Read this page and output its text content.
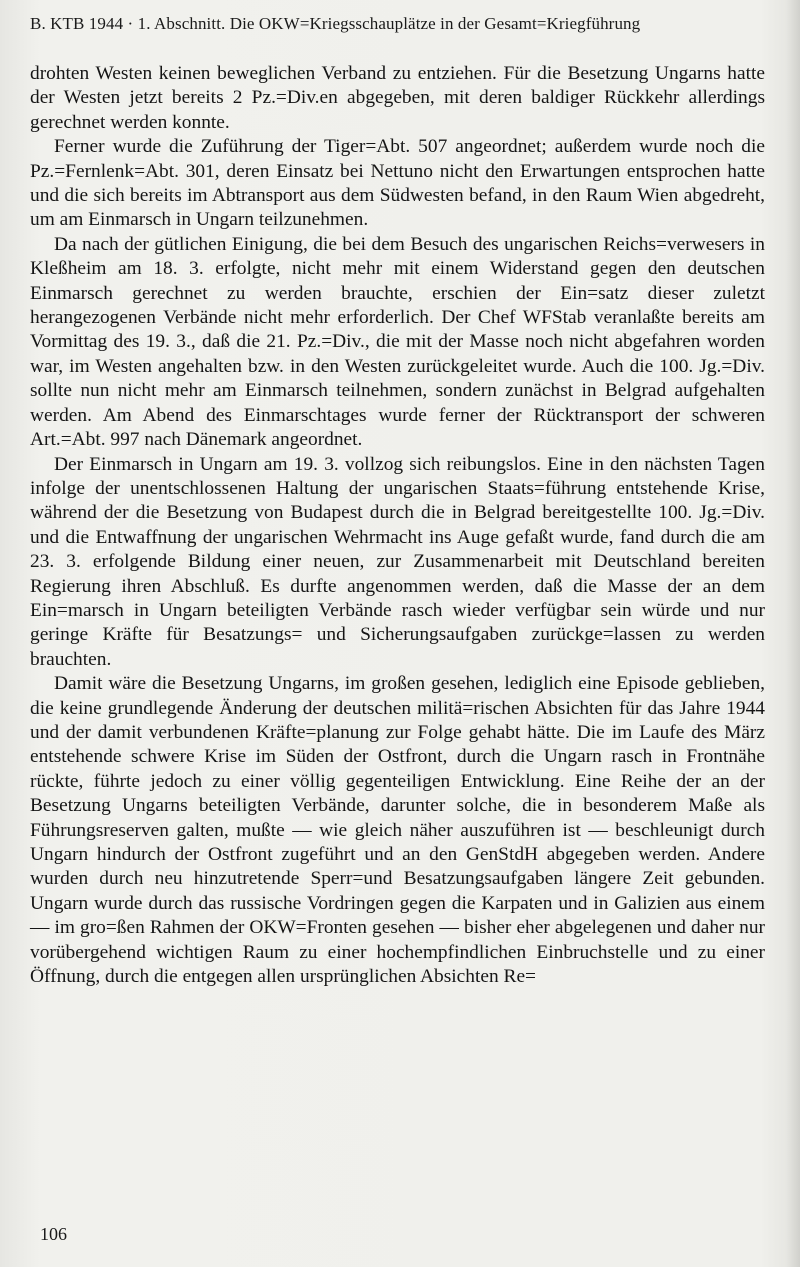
B. KTB 1944 · 1. Abschnitt. Die OKW=Kriegsschauplätze in der Gesamt=Kriegführung

drohten Westen keinen beweglichen Verband zu entziehen. Für die Besetzung Ungarns hatte der Westen jetzt bereits 2 Pz.=Div.en abgegeben, mit deren baldiger Rückkehr allerdings gerechnet werden konnte.

Ferner wurde die Zuführung der Tiger=Abt. 507 angeordnet; außerdem wurde noch die Pz.=Fernlenk=Abt. 301, deren Einsatz bei Nettuno nicht den Erwartungen entsprochen hatte und die sich bereits im Abtransport aus dem Südwesten befand, in den Raum Wien abgedreht, um am Einmarsch in Ungarn teilzunehmen.

Da nach der gütlichen Einigung, die bei dem Besuch des ungarischen Reichs=verwesers in Kleßheim am 18. 3. erfolgte, nicht mehr mit einem Widerstand gegen den deutschen Einmarsch gerechnet zu werden brauchte, erschien der Ein=satz dieser zuletzt herangezogenen Verbände nicht mehr erforderlich. Der Chef WFStab veranlaßte bereits am Vormittag des 19. 3., daß die 21. Pz.=Div., die mit der Masse noch nicht abgefahren worden war, im Westen angehalten bzw. in den Westen zurückgeleitet wurde. Auch die 100. Jg.=Div. sollte nun nicht mehr am Einmarsch teilnehmen, sondern zunächst in Belgrad aufgehalten werden. Am Abend des Einmarschtages wurde ferner der Rücktransport der schweren Art.=Abt. 997 nach Dänemark angeordnet.

Der Einmarsch in Ungarn am 19. 3. vollzog sich reibungslos. Eine in den nächsten Tagen infolge der unentschlossenen Haltung der ungarischen Staats=führung entstehende Krise, während der die Besetzung von Budapest durch die in Belgrad bereitgestellte 100. Jg.=Div. und die Entwaffnung der ungarischen Wehrmacht ins Auge gefaßt wurde, fand durch die am 23. 3. erfolgende Bildung einer neuen, zur Zusammenarbeit mit Deutschland bereiten Regierung ihren Abschluß. Es durfte angenommen werden, daß die Masse der an dem Ein=marsch in Ungarn beteiligten Verbände rasch wieder verfügbar sein würde und nur geringe Kräfte für Besatzungs= und Sicherungsaufgaben zurückge=lassen zu werden brauchten.

Damit wäre die Besetzung Ungarns, im großen gesehen, lediglich eine Episode geblieben, die keine grundlegende Änderung der deutschen militä=rischen Absichten für das Jahre 1944 und der damit verbundenen Kräfte=planung zur Folge gehabt hätte. Die im Laufe des März entstehende schwere Krise im Süden der Ostfront, durch die Ungarn rasch in Frontnähe rückte, führte jedoch zu einer völlig gegenteiligen Entwicklung. Eine Reihe der an der Besetzung Ungarns beteiligten Verbände, darunter solche, die in besonderem Maße als Führungsreserven galten, mußte — wie gleich näher auszuführen ist — beschleunigt durch Ungarn hindurch der Ostfront zugeführt und an den GenStdH abgegeben werden. Andere wurden durch neu hinzutretende Sperr=und Besatzungsaufgaben längere Zeit gebunden. Ungarn wurde durch das russische Vordringen gegen die Karpaten und in Galizien aus einem — im gro=ßen Rahmen der OKW=Fronten gesehen — bisher eher abgelegenen und daher nur vorübergehend wichtigen Raum zu einer hochempfindlichen Einbruchstelle und zu einer Öffnung, durch die entgegen allen ursprünglichen Absichten Re=

106
